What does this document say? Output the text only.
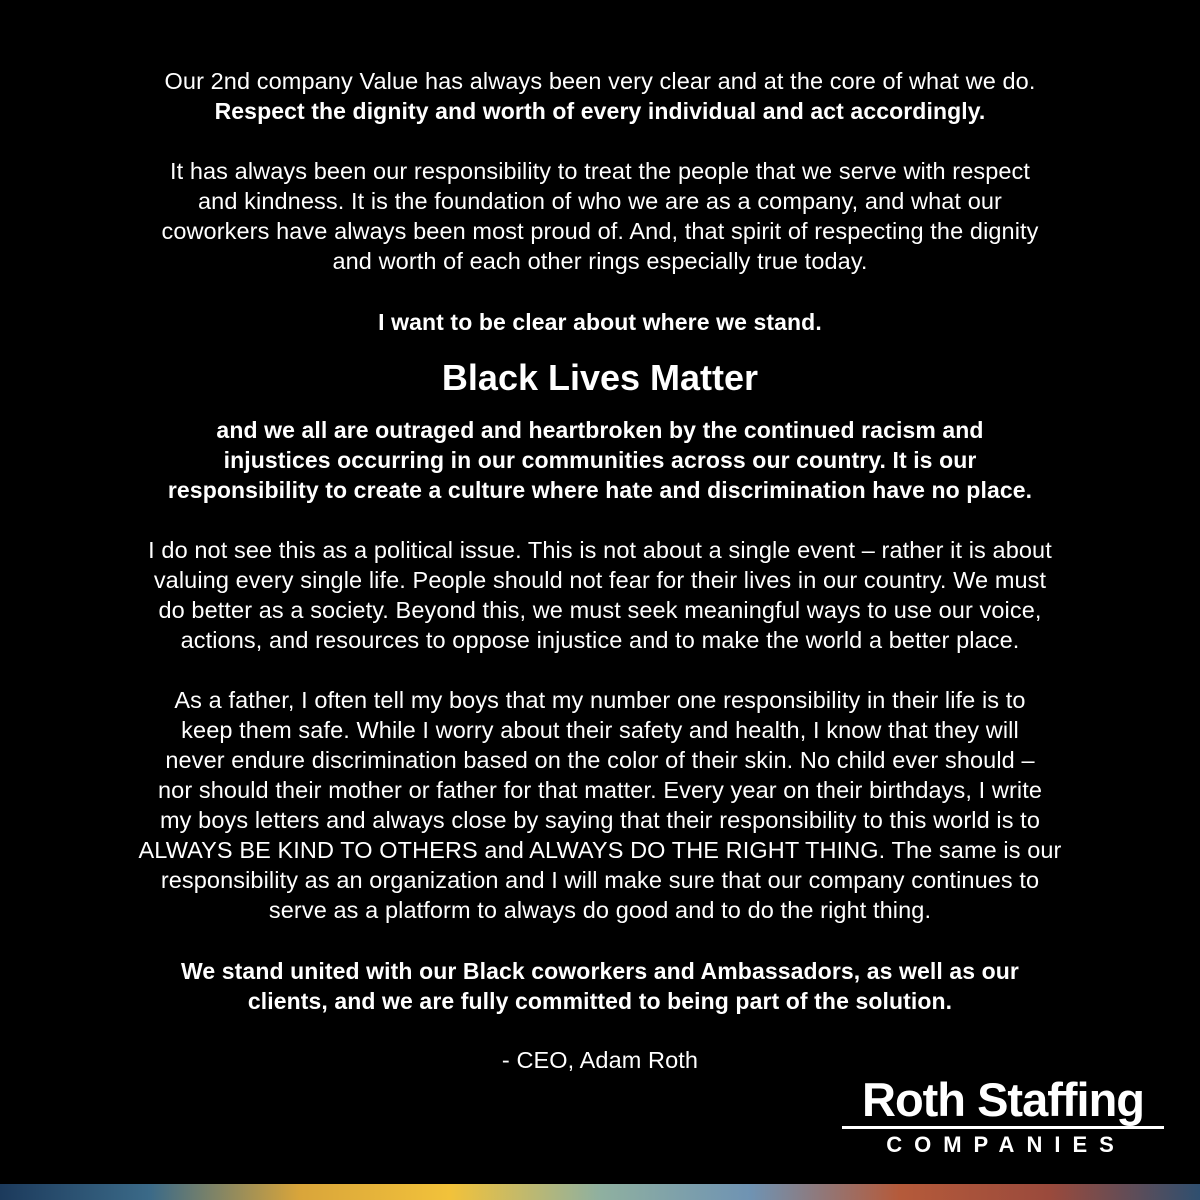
Our 2nd company Value has always been very clear and at the core of what we do.
Respect the dignity and worth of every individual and act accordingly.
It has always been our responsibility to treat the people that we serve with respect
and kindness. It is the foundation of who we are as a company, and what our
coworkers have always been most proud of. And, that spirit of respecting the dignity
and worth of each other rings especially true today.
I want to be clear about where we stand.
Black Lives Matter
and we all are outraged and heartbroken by the continued racism and
injustices occurring in our communities across our country. It is our
responsibility to create a culture where hate and discrimination have no place.
I do not see this as a political issue. This is not about a single event – rather it is about
valuing every single life. People should not fear for their lives in our country. We must
do better as a society. Beyond this, we must seek meaningful ways to use our voice,
actions, and resources to oppose injustice and to make the world a better place.
As a father, I often tell my boys that my number one responsibility in their life is to
keep them safe. While I worry about their safety and health, I know that they will
never endure discrimination based on the color of their skin. No child ever should –
nor should their mother or father for that matter. Every year on their birthdays, I write
my boys letters and always close by saying that their responsibility to this world is to
ALWAYS BE KIND TO OTHERS and ALWAYS DO THE RIGHT THING. The same is our
responsibility as an organization and I will make sure that our company continues to
serve as a platform to always do good and to do the right thing.
We stand united with our Black coworkers and Ambassadors, as well as our
clients, and we are fully committed to being part of the solution.
- CEO, Adam Roth
Roth Staffing
COMPANIES
